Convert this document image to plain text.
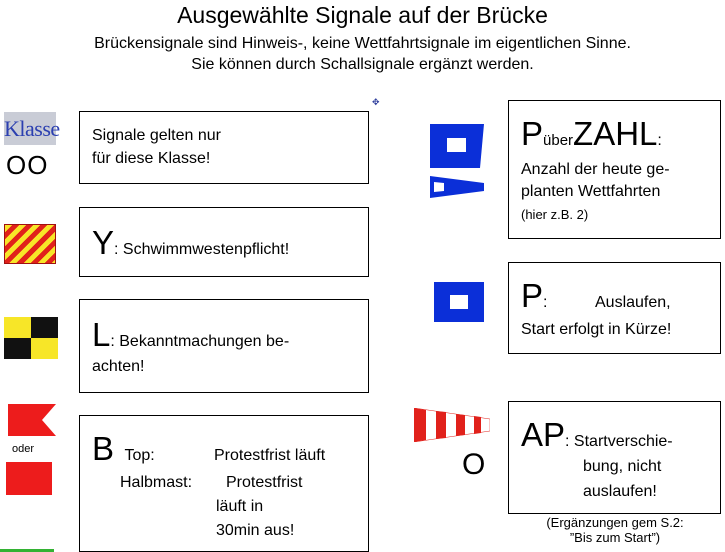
Ausgewählte Signale auf der Brücke
Brückensignale sind Hinweis-, keine Wettfahrtsignale im eigentlichen Sinne.
Sie können durch Schallsignale ergänzt werden.
✥
Klasse
OO
Signale gelten nur
für diese Klasse!
Y: Schwimmwestenpflicht!
L: Bekanntmachungen be-
achten!
oder B Top:	Protestfrist läuft
Halbmast: Protestfrist
läuft in
30min aus!
PüberZAHL:
Anzahl der heute ge-
planten Wettfahrten
(hier z.B. 2)
P:	Auslaufen,
Start erfolgt in Kürze!
O
AP: Startverschie-
bung, nicht
auslaufen!
(Ergänzungen gem S.2:
”Bis zum Start”)
